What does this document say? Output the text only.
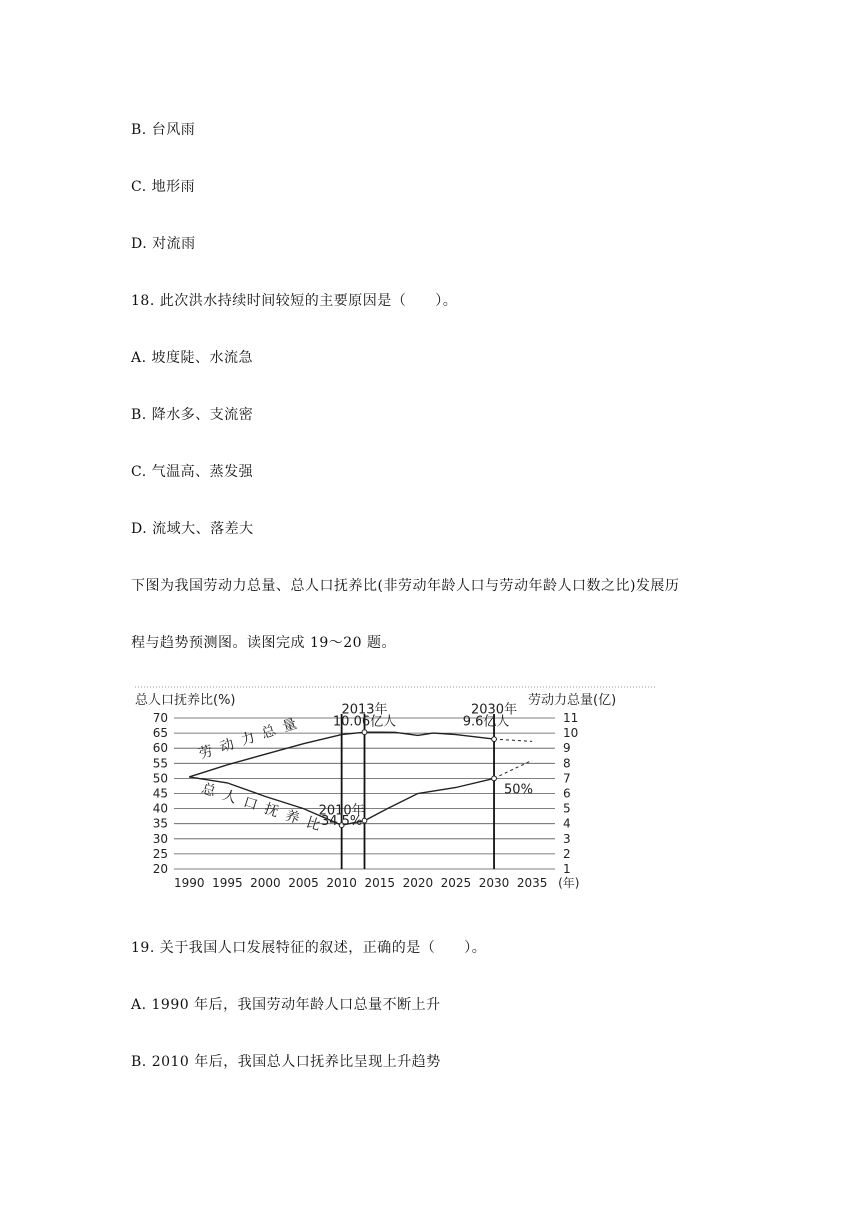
B. 台风雨
C. 地形雨
D. 对流雨
18. 此次洪水持续时间较短的主要原因是（　　）。
A. 坡度陡、水流急
B. 降水多、支流密
C. 气温高、蒸发强
D. 流域大、落差大
下图为我国劳动力总量、总人口抚养比(非劳动年龄人口与劳动年龄人口数之比)发展历
程与趋势预测图。读图完成 19～20 题。
20
25
30
35
40
45
50
55
60
65
70
1
2
3
4
5
6
7
8
9
10
11
总人口抚养比(%)	劳动力总量(亿)
1990 1995 2000 2005 2010 2015 2020 2025 2030 2035 (年)
劳动力总量
总人口抚养比
2013年
10.06亿人
2030年
9.6亿人
2010年
34.5%
50%
19. 关于我国人口发展特征的叙述，正确的是（　　）。
A. 1990 年后，我国劳动年龄人口总量不断上升
B. 2010 年后，我国总人口抚养比呈现上升趋势
